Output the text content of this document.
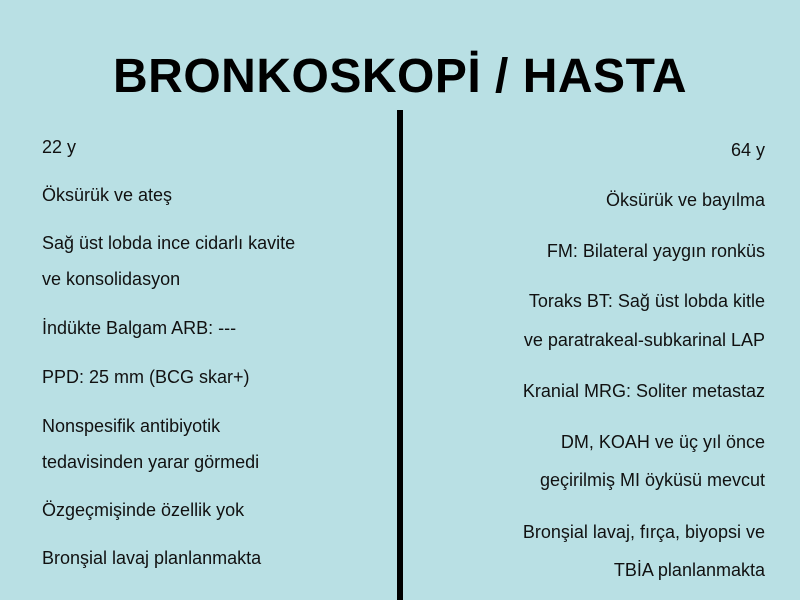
BRONKOSKOPİ / HASTA
22 y
Öksürük ve ateş
Sağ üst lobda ince cidarlı kavite
ve konsolidasyon
İndükte Balgam ARB: ---
PPD: 25 mm (BCG skar+)
Nonspesifik antibiyotik
tedavisinden yarar görmedi
Özgeçmişinde özellik yok
Bronşial lavaj planlanmakta
64 y
Öksürük ve bayılma
FM: Bilateral yaygın ronküs
Toraks BT: Sağ üst lobda kitle
ve paratrakeal-subkarinal LAP
Kranial MRG: Soliter metastaz
DM, KOAH ve üç yıl önce
geçirilmiş MI öyküsü mevcut
Bronşial lavaj, fırça, biyopsi ve
TBİA planlanmakta
